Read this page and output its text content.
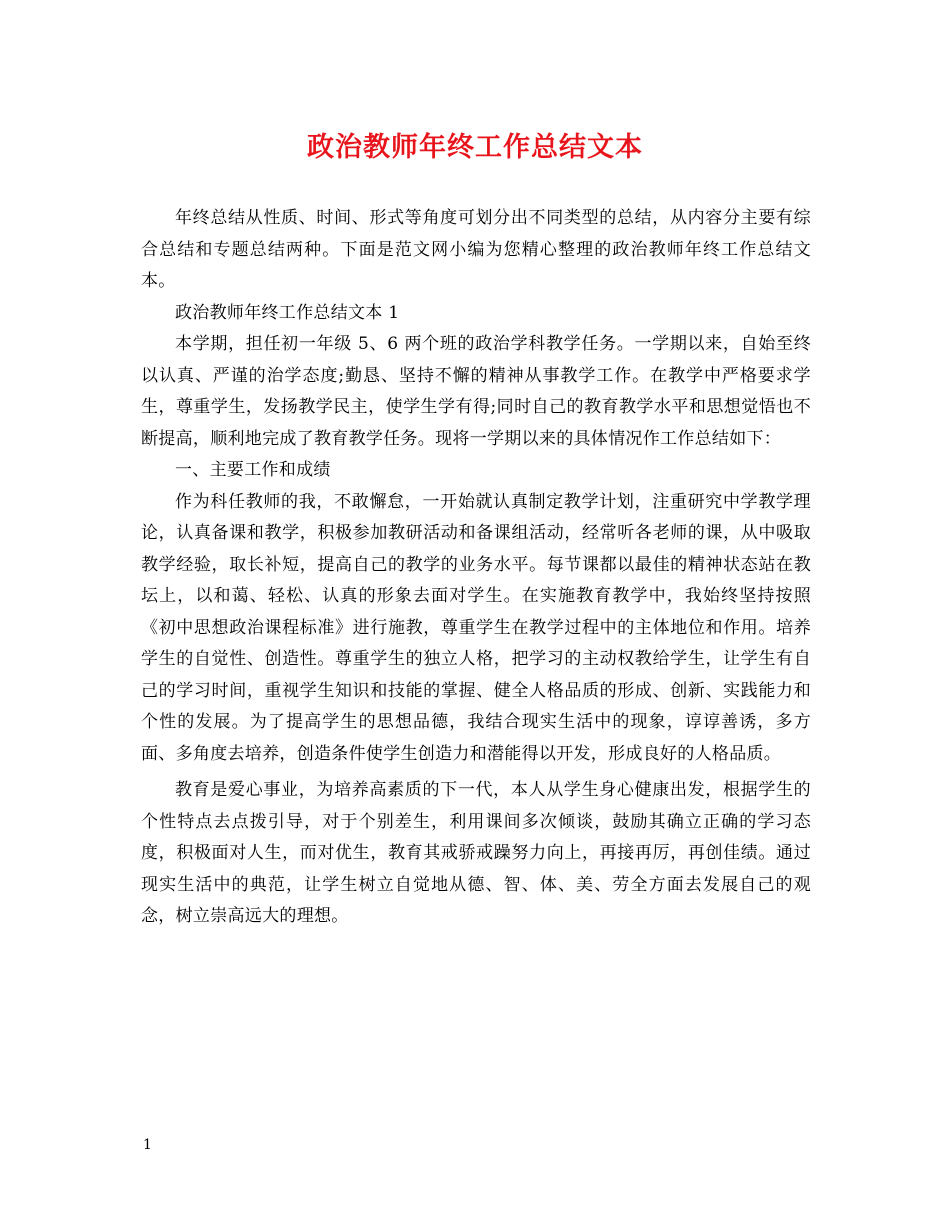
政治教师年终工作总结文本

年终总结从性质、时间、形式等角度可划分出不同类型的总结，从内容分主要有综合总结和专题总结两种。下面是范文网小编为您精心整理的政治教师年终工作总结文本。

政治教师年终工作总结文本 1

本学期，担任初一年级 5、6 两个班的政治学科教学任务。一学期以来，自始至终以认真、严谨的治学态度;勤恳、坚持不懈的精神从事教学工作。在教学中严格要求学生，尊重学生，发扬教学民主，使学生学有得;同时自己的教育教学水平和思想觉悟也不断提高，顺利地完成了教育教学任务。现将一学期以来的具体情况作工作总结如下：

一、主要工作和成绩

作为科任教师的我，不敢懈怠，一开始就认真制定教学计划，注重研究中学教学理论，认真备课和教学，积极参加教研活动和备课组活动，经常听各老师的课，从中吸取教学经验，取长补短，提高自己的教学的业务水平。每节课都以最佳的精神状态站在教坛上，以和蔼、轻松、认真的形象去面对学生。在实施教育教学中，我始终坚持按照《初中思想政治课程标准》进行施教，尊重学生在教学过程中的主体地位和作用。培养学生的自觉性、创造性。尊重学生的独立人格，把学习的主动权教给学生，让学生有自己的学习时间，重视学生知识和技能的掌握、健全人格品质的形成、创新、实践能力和个性的发展。为了提高学生的思想品德，我结合现实生活中的现象，谆谆善诱，多方面、多角度去培养，创造条件使学生创造力和潜能得以开发，形成良好的人格品质。

教育是爱心事业，为培养高素质的下一代，本人从学生身心健康出发，根据学生的个性特点去点拨引导，对于个别差生，利用课间多次倾谈，鼓励其确立正确的学习态度，积极面对人生，而对优生，教育其戒骄戒躁努力向上，再接再厉，再创佳绩。通过现实生活中的典范，让学生树立自觉地从德、智、体、美、劳全方面去发展自己的观念，树立崇高远大的理想。

1
